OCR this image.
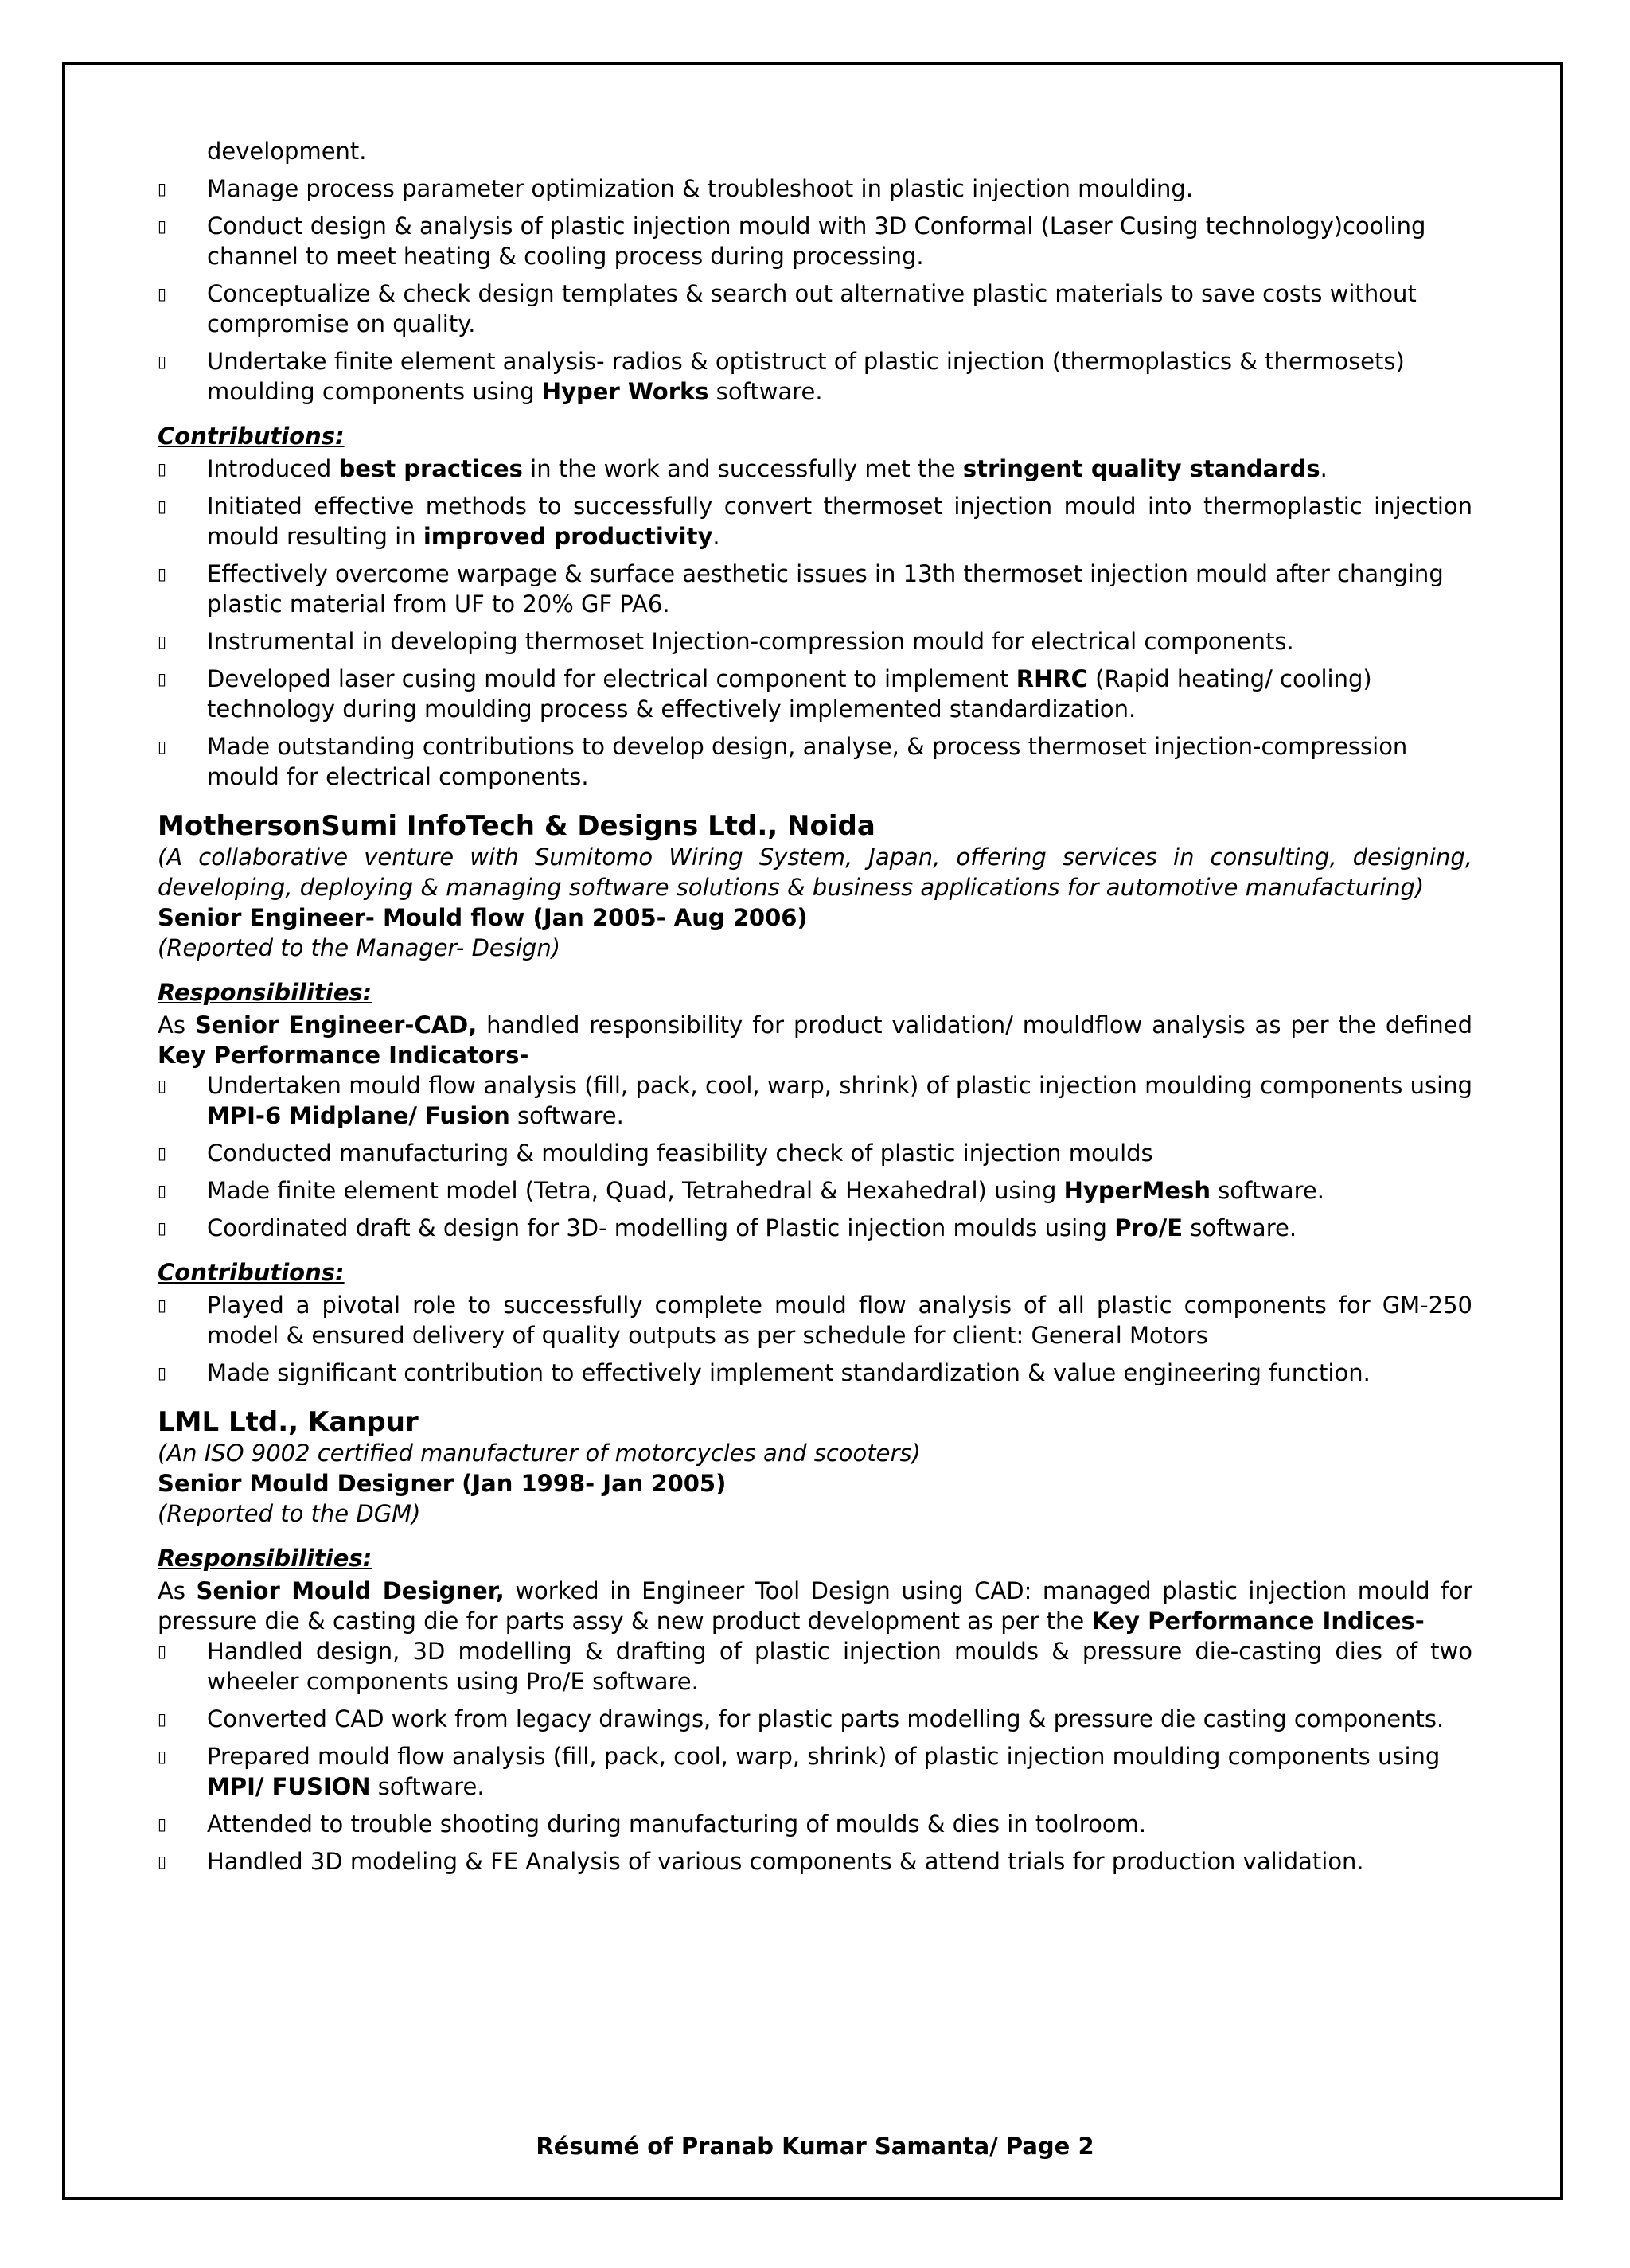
development.
▯ Manage process parameter optimization & troubleshoot in plastic injection moulding.
▯ Conduct design & analysis of plastic injection mould with 3D Conformal (Laser Cusing technology)cooling channel to meet heating & cooling process during processing.
▯ Conceptualize & check design templates & search out alternative plastic materials to save costs without compromise on quality.
▯ Undertake finite element analysis- radios & optistruct of plastic injection (thermoplastics & thermosets) moulding components using Hyper Works software.
Contributions:
▯ Introduced best practices in the work and successfully met the stringent quality standards.
▯ Initiated effective methods to successfully convert thermoset injection mould into thermoplastic injection mould resulting in improved productivity.
▯ Effectively overcome warpage & surface aesthetic issues in 13th thermoset injection mould after changing plastic material from UF to 20% GF PA6.
▯ Instrumental in developing thermoset Injection-compression mould for electrical components.
▯ Developed laser cusing mould for electrical component to implement RHRC (Rapid heating/ cooling) technology during moulding process & effectively implemented standardization.
▯ Made outstanding contributions to develop design, analyse, & process thermoset injection-compression mould for electrical components.
MothersonSumi InfoTech & Designs Ltd., Noida
(A collaborative venture with Sumitomo Wiring System, Japan, offering services in consulting, designing, developing, deploying & managing software solutions & business applications for automotive manufacturing)
Senior Engineer- Mould flow (Jan 2005- Aug 2006)
(Reported to the Manager- Design)
Responsibilities:
As Senior Engineer-CAD, handled responsibility for product validation/ mouldflow analysis as per the defined Key Performance Indicators-
▯ Undertaken mould flow analysis (fill, pack, cool, warp, shrink) of plastic injection moulding components using MPI-6 Midplane/ Fusion software.
▯ Conducted manufacturing & moulding feasibility check of plastic injection moulds
▯ Made finite element model (Tetra, Quad, Tetrahedral & Hexahedral) using HyperMesh software.
▯ Coordinated draft & design for 3D- modelling of Plastic injection moulds using Pro/E software.
Contributions:
▯ Played a pivotal role to successfully complete mould flow analysis of all plastic components for GM-250 model & ensured delivery of quality outputs as per schedule for client: General Motors
▯ Made significant contribution to effectively implement standardization & value engineering function.
LML Ltd., Kanpur
(An ISO 9002 certified manufacturer of motorcycles and scooters)
Senior Mould Designer (Jan 1998- Jan 2005)
(Reported to the DGM)
Responsibilities:
As Senior Mould Designer, worked in Engineer Tool Design using CAD: managed plastic injection mould for pressure die & casting die for parts assy & new product development as per the Key Performance Indices-
▯ Handled design, 3D modelling & drafting of plastic injection moulds & pressure die-casting dies of two wheeler components using Pro/E software.
▯ Converted CAD work from legacy drawings, for plastic parts modelling & pressure die casting components.
▯ Prepared mould flow analysis (fill, pack, cool, warp, shrink) of plastic injection moulding components using MPI/ FUSION software.
▯ Attended to trouble shooting during manufacturing of moulds & dies in toolroom.
▯ Handled 3D modeling & FE Analysis of various components & attend trials for production validation.
Résumé of Pranab Kumar Samanta/ Page 2
